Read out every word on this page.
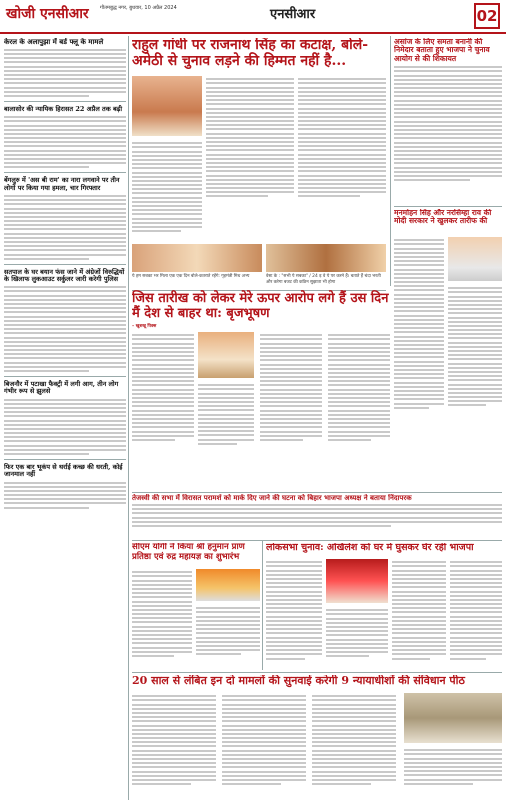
खोजी एनसीआर गौतमबुद्ध नगर, बुधवार, 10 अप्रैल 2024	एनसीआर	02
केरल के अलापुझा में बर्ड फ्लू के मामले
बालासोर की न्यायिक हिरासत 22 अप्रैल तक बढ़ी
बेंगलुरु में 'अस बी राम' का नारा लगवाने पर तीन लोगों पर किया गया हमला, चार गिरफ्तार
सतपाल के घर बयान फंस जाने में अंग्रेजों विरुद्धियों के खिलाफ लुकआउट सर्कुलर जारी करेगी पुलिस
बिजनौर में पटाखा फैक्ट्री में लगी आग, तीन लोग गंभीर रूप से झुलसे
फिर एक बार भूकंप से थर्राई कच्छ की धरती, कोई जानमाल नहीं
राहुल गांधी पर राजनाथ सिंह का कटाक्ष, बोले- अमेठी से चुनाव लड़ने की हिम्मत नहीं है...
ये हम सबका भर मिला एक एक दिन बोले-कतराते रहेंगे: गृहमंत्री मिथ अभ्य	वेस्ट के : "सभी पे सबका" / 24 ड़ वे ये पर करने हैं। बताते हैं चंदा भरती और करेगा बजट की कठिन सुझाता भी होगा
असांज के लिए समता बनानी की निमेदार बताता हुए भाजपा ने चुनाव आयोग से की शिकायत
मनमोहन सिंह और नरसिम्हा राव की मोदी सरकार ने खुलकर तारीफ की
जिस तारीख को लेकर मेरे ऊपर आरोप लगे हैं उस दिन मैं देश से बाहर था: बृजभूषण
– खुशखू पिक्स
तेजस्वी की सभा में विरासत परामर्श को मार्क दिए जाने की घटना को बिहार भाजपा अध्यक्ष ने बताया निंदापरक
सीएम योगी ने किया श्री हनुमान प्राण प्रतिष्ठा एवं रुद्र महायज्ञ का शुभारंभ
लोकसभा चुनाव: अखिलेश को घर में घुसकर घेर रही भाजपा
20 साल से लंबित इन दो मामलों की सुनवाई करेगी 9 न्यायाधीशों की संविधान पीठ
